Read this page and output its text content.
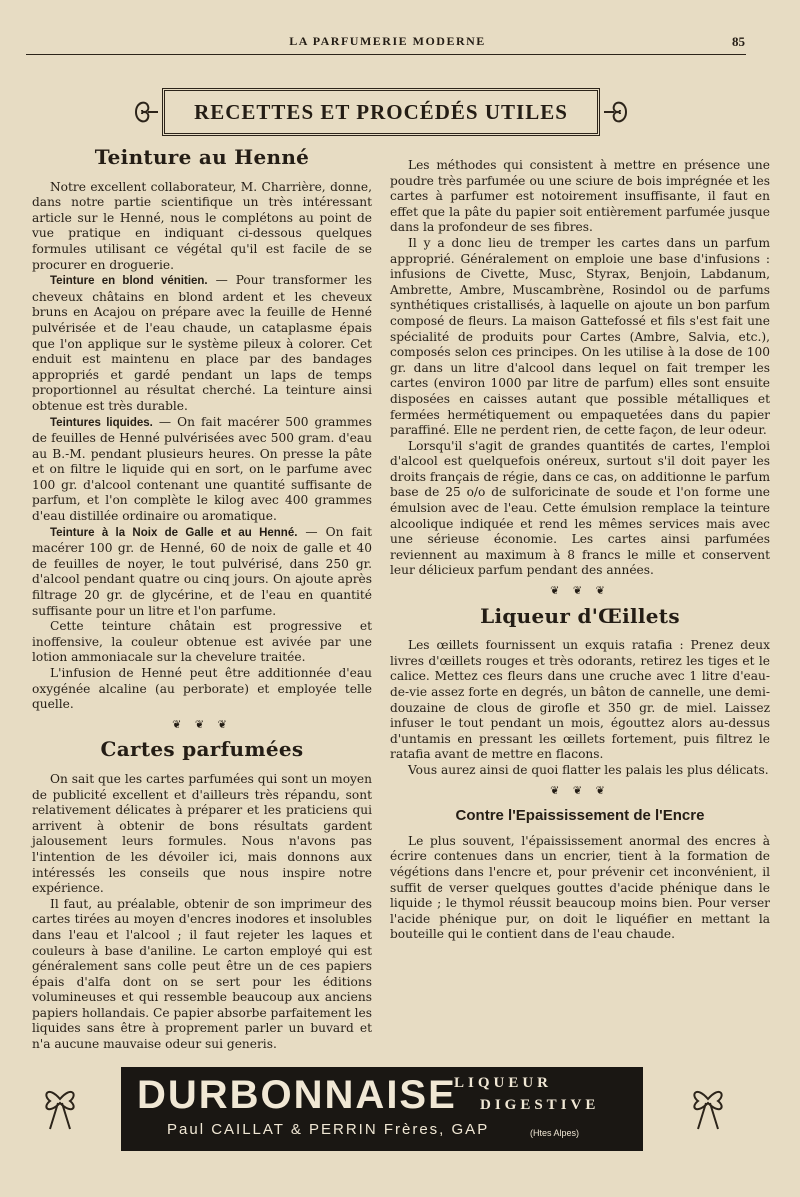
LA PARFUMERIE MODERNE	85
RECETTES ET PROCÉDÉS UTILES
Teinture au Henné

Notre excellent collaborateur, M. Charrière, donne, dans notre partie scientifique un très intéressant article sur le Henné, nous le complétons au point de vue pratique en indiquant ci-dessous quelques formules utilisant ce végétal qu'il est facile de se procurer en droguerie.

Teinture en blond vénitien. — Pour transformer les cheveux châtains en blond ardent et les cheveux bruns en Acajou on prépare avec la feuille de Henné pulvérisée et de l'eau chaude, un cataplasme épais que l'on applique sur le système pileux à colorer. Cet enduit est maintenu en place par des bandages appropriés et gardé pendant un laps de temps proportionnel au résultat cherché. La teinture ainsi obtenue est très durable.

Teintures liquides. — On fait macérer 500 grammes de feuilles de Henné pulvérisées avec 500 gram. d'eau au B.-M. pendant plusieurs heures. On presse la pâte et on filtre le liquide qui en sort, on le parfume avec 100 gr. d'alcool contenant une quantité suffisante de parfum, et l'on complète le kilog avec 400 grammes d'eau distillée ordinaire ou aromatique.

Teinture à la Noix de Galle et au Henné. — On fait macérer 100 gr. de Henné, 60 de noix de galle et 40 de feuilles de noyer, le tout pulvérisé, dans 250 gr. d'alcool pendant quatre ou cinq jours. On ajoute après filtrage 20 gr. de glycérine, et de l'eau en quantité suffisante pour un litre et l'on parfume.

Cette teinture châtain est progressive et inoffensive, la couleur obtenue est avivée par une lotion ammoniacale sur la chevelure traitée.

L'infusion de Henné peut être additionnée d'eau oxygénée alcaline (au perborate) et employée telle quelle.

❦ ❦ ❦
Cartes parfumées

On sait que les cartes parfumées qui sont un moyen de publicité excellent et d'ailleurs très répandu, sont relativement délicates à préparer et les praticiens qui arrivent à obtenir de bons résultats gardent jalousement leurs formules. Nous n'avons pas l'intention de les dévoiler ici, mais donnons aux intéressés les conseils que nous inspire notre expérience.

Il faut, au préalable, obtenir de son imprimeur des cartes tirées au moyen d'encres inodores et insolubles dans l'eau et l'alcool ; il faut rejeter les laques et couleurs à base d'aniline. Le carton employé qui est généralement sans colle peut être un de ces papiers épais d'alfa dont on se sert pour les éditions volumineuses et qui ressemble beaucoup aux anciens papiers hollandais. Ce papier absorbe parfaitement les liquides sans être à proprement parler un buvard et n'a aucune mauvaise odeur sui generis.

Les méthodes qui consistent à mettre en présence une poudre très parfumée ou une sciure de bois imprégnée et les cartes à parfumer est notoirement insuffisante, il faut en effet que la pâte du papier soit entièrement parfumée jusque dans la profondeur de ses fibres.

Il y a donc lieu de tremper les cartes dans un parfum approprié. Généralement on emploie une base d'infusions : infusions de Civette, Musc, Styrax, Benjoin, Labdanum, Ambrette, Ambre, Muscambrène, Rosindol ou de parfums synthétiques cristallisés, à laquelle on ajoute un bon parfum composé de fleurs. La maison Gattefossé et fils s'est fait une spécialité de produits pour Cartes (Ambre, Salvia, etc.), composés selon ces principes. On les utilise à la dose de 100 gr. dans un litre d'alcool dans lequel on fait tremper les cartes (environ 1000 par litre de parfum) elles sont ensuite disposées en caisses autant que possible métalliques et fermées hermétiquement ou empaquetées dans du papier paraffiné. Elle ne perdent rien, de cette façon, de leur odeur.

Lorsqu'il s'agit de grandes quantités de cartes, l'emploi d'alcool est quelquefois onéreux, surtout s'il doit payer les droits français de régie, dans ce cas, on additionne le parfum base de 25 o/o de sulforicinate de soude et l'on forme une émulsion avec de l'eau. Cette émulsion remplace la teinture alcoolique indiquée et rend les mêmes services mais avec une sérieuse économie. Les cartes ainsi parfumées reviennent au maximum à 8 francs le mille et conservent leur délicieux parfum pendant des années.

❦ ❦ ❦
Liqueur d'Œillets

Les œillets fournissent un exquis ratafia : Prenez deux livres d'œillets rouges et très odorants, retirez les tiges et le calice. Mettez ces fleurs dans une cruche avec 1 litre d'eau-de-vie assez forte en degrés, un bâton de cannelle, une demi-douzaine de clous de girofle et 350 gr. de miel. Laissez infuser le tout pendant un mois, égouttez alors au-dessus d'untamis en pressant les œillets fortement, puis filtrez le ratafia avant de mettre en flacons.

Vous aurez ainsi de quoi flatter les palais les plus délicats.

❦ ❦ ❦
Contre l'Epaississement de l'Encre

Le plus souvent, l'épaississement anormal des encres à écrire contenues dans un encrier, tient à la formation de végétions dans l'encre et, pour prévenir cet inconvénient, il suffit de verser quelques gouttes d'acide phénique dans le liquide ; le thymol réussit beaucoup moins bien. Pour verser l'acide phénique pur, on doit le liquéfier en mettant la bouteille qui le contient dans de l'eau chaude.

DURBONNAISE
LIQUEUR
DIGESTIVE
Paul CAILLAT & PERRIN Frères, GAP	(Htes Alpes)
